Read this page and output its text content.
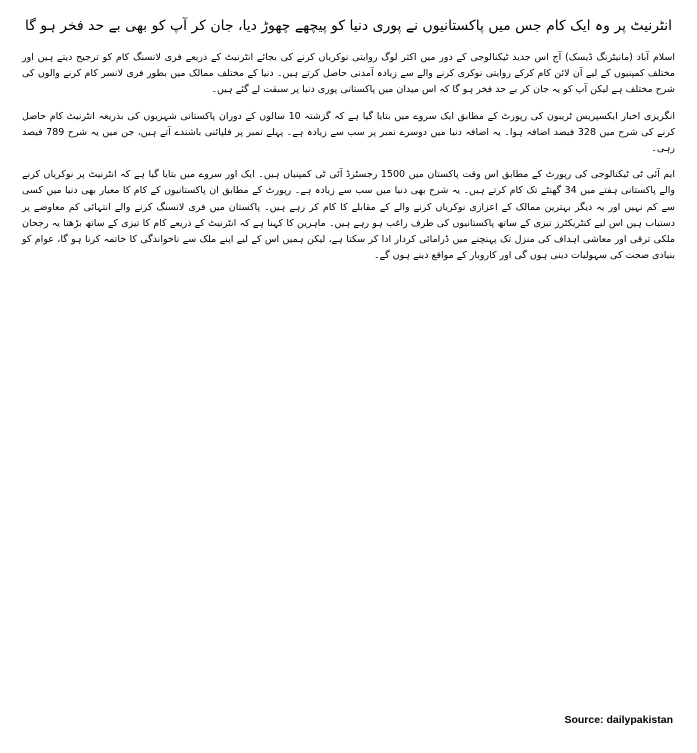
انٹرنیٹ پر وہ ایک کام جس میں پاکستانیوں نے پوری دنیا کو پیچھے چھوڑ دیا، جان کر آپ کو بھی بے حد فخر ہو گا

اسلام آباد (مانیٹرنگ ڈیسک) آج اس جدید ٹیکنالوجی کے دور میں اکثر لوگ روایتی نوکریاں کرنے کی بجائے انٹرنیٹ کے ذریعے فری لانسنگ کام کو ترجیح دیتے ہیں اور مختلف کمپنیوں کے لیے آن لائن کام کرکے روایتی نوکری کرنے والے سے زیادہ آمدنی حاصل کرتے ہیں۔ دنیا کے مختلف ممالک میں بطور فری لانسر کام کرنے والوں کی شرح مختلف ہے لیکن آپ کو یہ جان کر بے حد فخر ہو گا کہ اس میدان میں پاکستانی پوری دنیا پر سبقت لے گئے ہیں۔

انگریزی اخبار ایکسپریس ٹریبون کی رپورٹ کے مطابق ایک سروے میں بتایا گیا ہے کہ گزشتہ 10 سالوں کے دوران پاکستانی شہریوں کی بذریعہ انٹرنیٹ کام حاصل کرنے کی شرح میں 328 فیصد اضافہ ہوا۔ یہ اضافہ دنیا میں دوسرے نمبر پر سب سے زیادہ ہے۔ پہلے نمبر پر فلپائنی باشندے آتے ہیں، جن میں یہ شرح 789 فیصد رہی۔

ایم آئی ٹی ٹیکنالوجی کی رپورٹ کے مطابق اس وقت پاکستان میں 1500 رجسٹرڈ آئی ٹی کمپنیاں ہیں۔ ایک اور سروے میں بتایا گیا ہے کہ انٹرنیٹ پر نوکریاں کرنے والے پاکستانی ہفتے میں 34 گھنٹے تک کام کرتے ہیں۔ یہ شرح بھی دنیا میں سب سے زیادہ ہے۔ رپورٹ کے مطابق ان پاکستانیوں کے کام کا معیار بھی دنیا میں کسی سے کم نہیں اور یہ دیگر بہترین ممالک کے اعزازی نوکریاں کرنے والے کے مقابلے کا کام کر رہے ہیں۔ پاکستان میں فری لانسنگ کرنے والے انتہائی کم معاوضے پر دستیاب ہیں اس لیے کنٹریکٹرز تیزی کے ساتھ پاکستانیوں کی طرف راغب ہو رہے ہیں۔ ماہرین کا کہنا ہے کہ انٹرنیٹ کے ذریعے کام کا تیزی کے ساتھ بڑھتا یہ رجحان ملکی ترقی اور معاشی اہداف کی منزل تک پہنچنے میں ڈرامائی کردار ادا کر سکتا ہے، لیکن ہمیں اس کے لیے اپنے ملک سے ناخواندگی کا خاتمہ کرنا ہو گا، عوام کو بنیادی صحت کی سہولیات دینی ہوں گی اور کاروبار کے مواقع دینے ہوں گے۔

Source: dailypakistan
